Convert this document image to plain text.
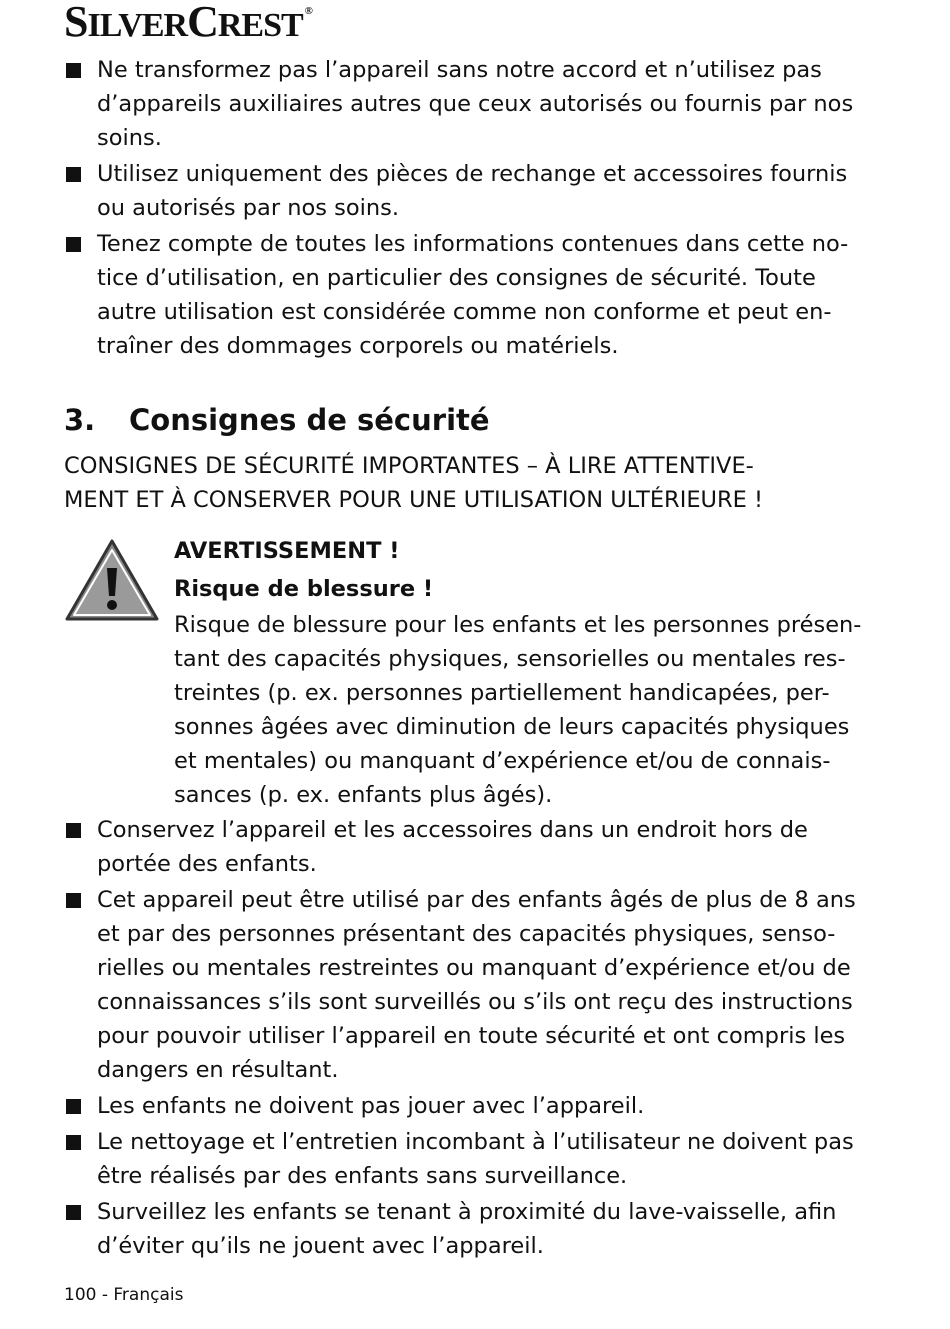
SILVERCREST ®
Ne transformez pas l’appareil sans notre accord et n’utilisez pas
d’appareils auxiliaires autres que ceux autorisés ou fournis par nos
soins.
Utilisez uniquement des pièces de rechange et accessoires fournis
ou autorisés par nos soins.
Tenez compte de toutes les informations contenues dans cette no-
tice d’utilisation, en particulier des consignes de sécurité. Toute
autre utilisation est considérée comme non conforme et peut en-
traîner des dommages corporels ou matériels.
3. Consignes de sécurité
CONSIGNES DE SÉCURITÉ IMPORTANTES – À LIRE ATTENTIVE-
MENT ET À CONSERVER POUR UNE UTILISATION ULTÉRIEURE !
AVERTISSEMENT !
Risque de blessure !
Risque de blessure pour les enfants et les personnes présen-
tant des capacités physiques, sensorielles ou mentales res-
treintes (p. ex. personnes partiellement handicapées, per-
sonnes âgées avec diminution de leurs capacités physiques
et mentales) ou manquant d’expérience et/ou de connais-
sances (p. ex. enfants plus âgés).
Conservez l’appareil et les accessoires dans un endroit hors de
portée des enfants.
Cet appareil peut être utilisé par des enfants âgés de plus de 8 ans
et par des personnes présentant des capacités physiques, senso-
rielles ou mentales restreintes ou manquant d’expérience et/ou de
connaissances s’ils sont surveillés ou s’ils ont reçu des instructions
pour pouvoir utiliser l’appareil en toute sécurité et ont compris les
dangers en résultant.
Les enfants ne doivent pas jouer avec l’appareil.
Le nettoyage et l’entretien incombant à l’utilisateur ne doivent pas
être réalisés par des enfants sans surveillance.
Surveillez les enfants se tenant à proximité du lave-vaisselle, afin
d’éviter qu’ils ne jouent avec l’appareil.
100 - Français
